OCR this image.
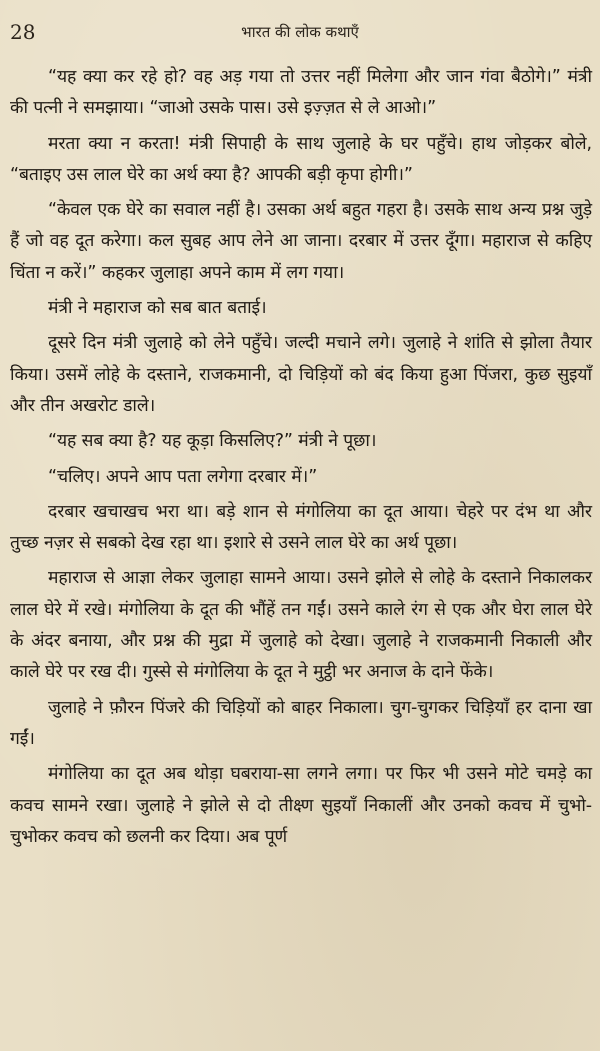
28	भारत की लोक कथाएँ

“यह क्या कर रहे हो? वह अड़ गया तो उत्तर नहीं मिलेगा और जान गंवा बैठोगे।” मंत्री की पत्नी ने समझाया। “जाओ उसके पास। उसे इज़्ज़त से ले आओ।”

मरता क्या न करता! मंत्री सिपाही के साथ जुलाहे के घर पहुँचे। हाथ जोड़कर बोले, “बताइए उस लाल घेरे का अर्थ क्या है? आपकी बड़ी कृपा होगी।”

“केवल एक घेरे का सवाल नहीं है। उसका अर्थ बहुत गहरा है। उसके साथ अन्य प्रश्न जुड़े हैं जो वह दूत करेगा। कल सुबह आप लेने आ जाना। दरबार में उत्तर दूँगा। महाराज से कहिए चिंता न करें।” कहकर जुलाहा अपने काम में लग गया।

मंत्री ने महाराज को सब बात बताई।

दूसरे दिन मंत्री जुलाहे को लेने पहुँचे। जल्दी मचाने लगे। जुलाहे ने शांति से झोला तैयार किया। उसमें लोहे के दस्ताने, राजकमानी, दो चिड़ियों को बंद किया हुआ पिंजरा, कुछ सुइयाँ और तीन अखरोट डाले।

“यह सब क्या है? यह कूड़ा किसलिए?” मंत्री ने पूछा।

“चलिए। अपने आप पता लगेगा दरबार में।”

दरबार खचाखच भरा था। बड़े शान से मंगोलिया का दूत आया। चेहरे पर दंभ था और तुच्छ नज़र से सबको देख रहा था। इशारे से उसने लाल घेरे का अर्थ पूछा।

महाराज से आज्ञा लेकर जुलाहा सामने आया। उसने झोले से लोहे के दस्ताने निकालकर लाल घेरे में रखे। मंगोलिया के दूत की भौंहें तन गईं। उसने काले रंग से एक और घेरा लाल घेरे के अंदर बनाया, और प्रश्न की मुद्रा में जुलाहे को देखा। जुलाहे ने राजकमानी निकाली और काले घेरे पर रख दी। गुस्से से मंगोलिया के दूत ने मुट्ठी भर अनाज के दाने फेंके।

जुलाहे ने फ़ौरन पिंजरे की चिड़ियों को बाहर निकाला। चुग-चुगकर चिड़ियाँ हर दाना खा गईं।

मंगोलिया का दूत अब थोड़ा घबराया-सा लगने लगा। पर फिर भी उसने मोटे चमड़े का कवच सामने रखा। जुलाहे ने झोले से दो तीक्ष्ण सुइयाँ निकालीं और उनको कवच में चुभो-चुभोकर कवच को छलनी कर दिया। अब पूर्ण
